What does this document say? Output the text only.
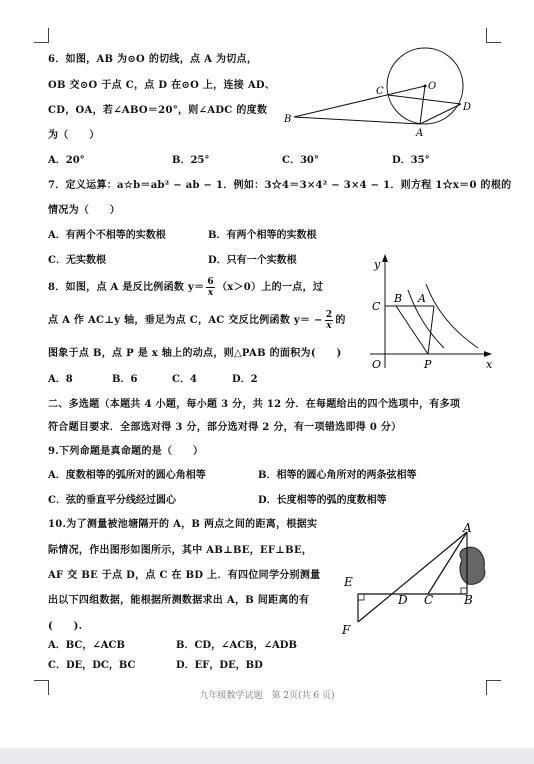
6．如图，AB 为⊙O 的切线，点 A 为切点，
OB 交⊙O 于点 C，点 D 在⊙O 上，连接 AD、
CD，OA，若∠ABO＝20°，则∠ADC 的度数
为（　　）
A．20°	B．25°	C．30°	D．35°
C	O
B
A
D
7．定义运算：a☆b＝ab² − ab − 1．例如：3☆4＝3×4² − 3×4 − 1．则方程 1☆x＝0 的根的
情况为（　　）
A．有两个不相等的实数根	B．有两个相等的实数根
C．无实数根	D．只有一个实数根
8．如图，点 A 是反比例函数 $y= \frac{6}{x} (x>0)$上的一点，过
点 A 作 AC⊥y 轴，垂足为点 C，AC 交反比例函数 $y= - \frac{2}{x}$ 的
图象于点 B，点 P 是 x 轴上的动点，则△PAB 的面积为(　　)
A．8	B．6	C．4	D．2
y
C
B A
O	P	x
二、多选题（本题共 4 小题，每小题 3 分，共 12 分．在每题给出的四个选项中，有多项
符合题目要求．全部选对得 3 分，部分选对得 2 分，有一项错选即得 0 分）
9.下列命题是真命题的是（　　）
A．度数相等的弧所对的圆心角相等	B．相等的圆心角所对的两条弦相等
C．弦的垂直平分线经过圆心	D．长度相等的弧的度数相等
10.为了测量被池塘隔开的 A，B 两点之间的距离，根据实
际情况，作出图形如图所示，其中 AB⊥BE，EF⊥BE，
AF 交 BE 于点 D，点 C 在 BD 上．有四位同学分别测量
出以下四组数据，能根据所测数据求出 A，B 间距离的有
(　　).
A．BC，∠ACB	B．CD，∠ACB，∠ADB
C．DE，DC，BC	D．EF，DE，BD
A
E
D C	B
F
九年级数学试题　第 2页(共 6 页)
